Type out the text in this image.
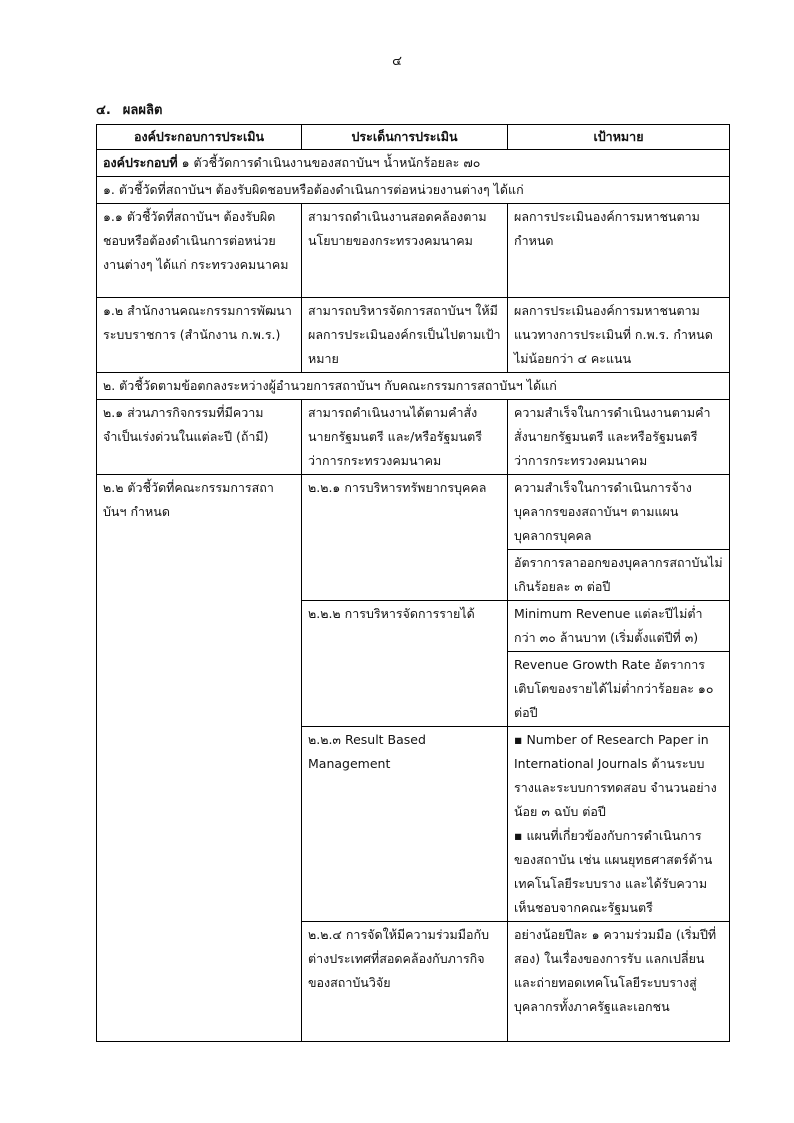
๔
๔. ผลผลิต
องค์ประกอบการประเมิน	ประเด็นการประเมิน	เป้าหมาย
องค์ประกอบที่ ๑ ตัวชี้วัดการดำเนินงานของสถาบันฯ น้ำหนักร้อยละ ๗๐		
๑. ตัวชี้วัดที่สถาบันฯ ต้องรับผิดชอบหรือต้องดำเนินการต่อหน่วยงานต่างๆ ได้แก่		
๑.๑ ตัวชี้วัดที่สถาบันฯ ต้องรับผิดชอบหรือต้องดำเนินการต่อหน่วยงานต่างๆ ได้แก่ กระทรวงคมนาคม	สามารถดำเนินงานสอดคล้องตามนโยบายของกระทรวงคมนาคม	ผลการประเมินองค์การมหาชนตามกำหนด
๑.๒ สำนักงานคณะกรรมการพัฒนาระบบราชการ (สำนักงาน ก.พ.ร.)	สามารถบริหารจัดการสถาบันฯ ให้มีผลการประเมินองค์กรเป็นไปตามเป้าหมาย	ผลการประเมินองค์การมหาชนตามแนวทางการประเมินที่ ก.พ.ร. กำหนด ไม่น้อยกว่า ๔ คะแนน
๒. ตัวชี้วัดตามข้อตกลงระหว่างผู้อำนวยการสถาบันฯ กับคณะกรรมการสถาบันฯ ได้แก่		
๒.๑ ส่วนภารกิจกรรมที่มีความจำเป็นเร่งด่วนในแต่ละปี (ถ้ามี)	สามารถดำเนินงานได้ตามคำสั่งนายกรัฐมนตรี และ/หรือรัฐมนตรีว่าการกระทรวงคมนาคม	ความสำเร็จในการดำเนินงานตามคำสั่งนายกรัฐมนตรี และหรือรัฐมนตรีว่าการกระทรวงคมนาคม
๒.๒ ตัวชี้วัดที่คณะกรรมการสถาบันฯ กำหนด	๒.๒.๑ การบริหารทรัพยากรบุคคล	ความสำเร็จในการดำเนินการจ้างบุคลากรของสถาบันฯ ตามแผนบุคลากรบุคคล
		อัตราการลาออกของบุคลากรสถาบันไม่เกินร้อยละ ๓ ต่อปี
	๒.๒.๒ การบริหารจัดการรายได้	Minimum Revenue แต่ละปีไม่ต่ำกว่า ๓๐ ล้านบาท (เริ่มตั้งแต่ปีที่ ๓)
		Revenue Growth Rate อัตราการเติบโตของรายได้ไม่ต่ำกว่าร้อยละ ๑๐ ต่อปี
	๒.๒.๓ Result Based Management	▪ Number of Research Paper in International Journals ด้านระบบรางและระบบการทดสอบ จำนวนอย่างน้อย ๓ ฉบับ ต่อปี
▪ แผนที่เกี่ยวข้องกับการดำเนินการของสถาบัน เช่น แผนยุทธศาสตร์ด้านเทคโนโลยีระบบราง และได้รับความเห็นชอบจากคณะรัฐมนตรี

	๒.๒.๔ การจัดให้มีความร่วมมือกับต่างประเทศที่สอดคล้องกับภารกิจของสถาบันวิจัย	อย่างน้อยปีละ ๑ ความร่วมมือ (เริ่มปีที่สอง) ในเรื่องของการรับ แลกเปลี่ยน และถ่ายทอดเทคโนโลยีระบบรางสู่บุคลากรทั้งภาครัฐและเอกชน
